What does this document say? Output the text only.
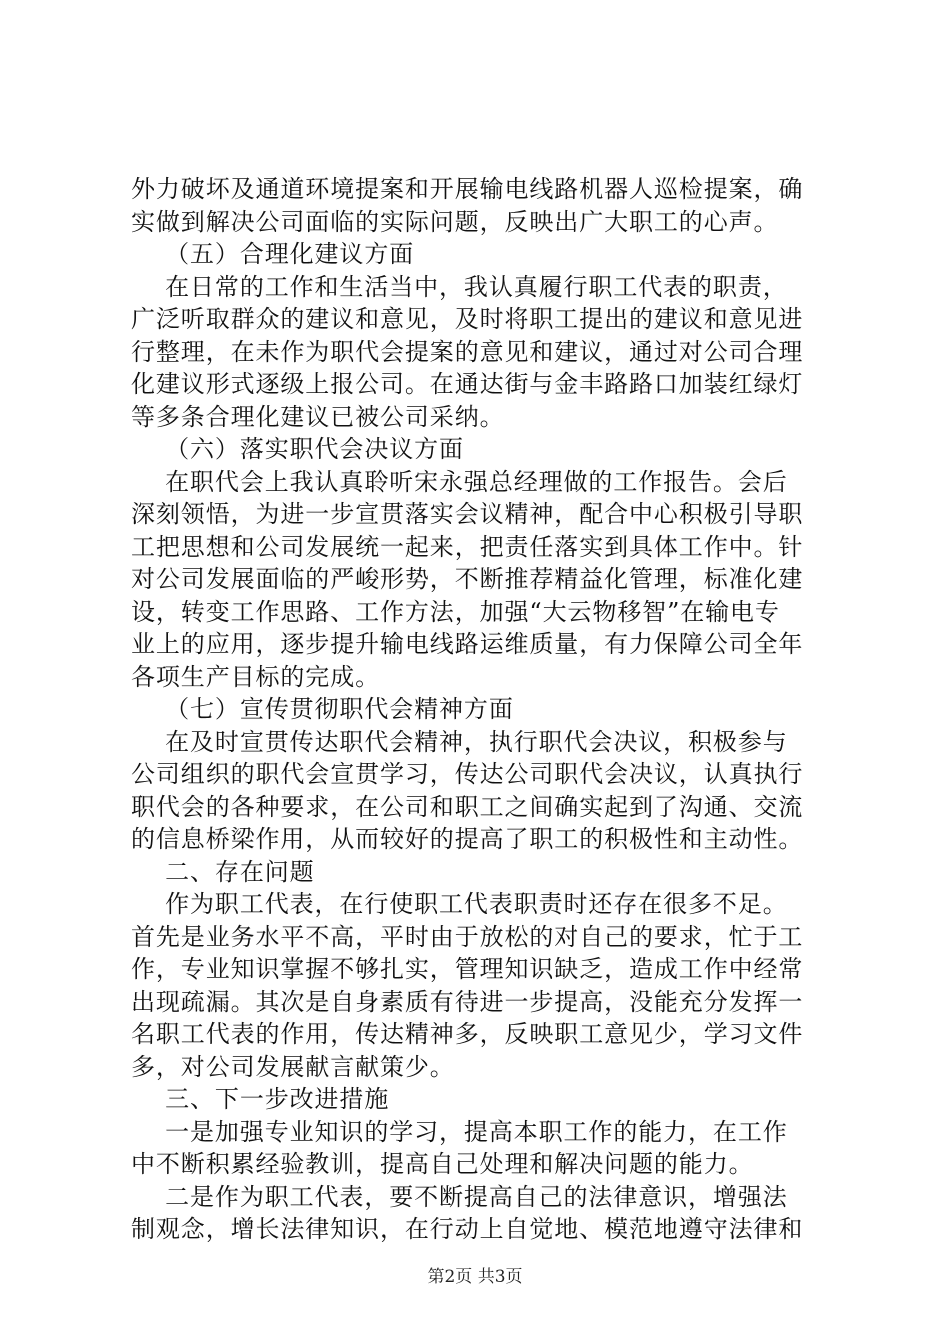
外力破坏及通道环境提案和开展输电线路机器人巡检提案，确
实做到解决公司面临的实际问题，反映出广大职工的心声。
（五）合理化建议方面
在日常的工作和生活当中，我认真履行职工代表的职责，
广泛听取群众的建议和意见，及时将职工提出的建议和意见进
行整理，在未作为职代会提案的意见和建议，通过对公司合理
化建议形式逐级上报公司。在通达街与金丰路路口加装红绿灯
等多条合理化建议已被公司采纳。
（六）落实职代会决议方面
在职代会上我认真聆听宋永强总经理做的工作报告。会后
深刻领悟，为进一步宣贯落实会议精神，配合中心积极引导职
工把思想和公司发展统一起来，把责任落实到具体工作中。针
对公司发展面临的严峻形势，不断推荐精益化管理，标准化建
设，转变工作思路、工作方法，加强“大云物移智”在输电专
业上的应用，逐步提升输电线路运维质量，有力保障公司全年
各项生产目标的完成。
（七）宣传贯彻职代会精神方面
在及时宣贯传达职代会精神，执行职代会决议，积极参与
公司组织的职代会宣贯学习，传达公司职代会决议，认真执行
职代会的各种要求，在公司和职工之间确实起到了沟通、交流
的信息桥梁作用，从而较好的提高了职工的积极性和主动性。
二、存在问题
作为职工代表，在行使职工代表职责时还存在很多不足。
首先是业务水平不高，平时由于放松的对自己的要求，忙于工
作，专业知识掌握不够扎实，管理知识缺乏，造成工作中经常
出现疏漏。其次是自身素质有待进一步提高，没能充分发挥一
名职工代表的作用，传达精神多，反映职工意见少，学习文件
多，对公司发展献言献策少。
三、下一步改进措施
一是加强专业知识的学习，提高本职工作的能力，在工作
中不断积累经验教训，提高自己处理和解决问题的能力。
二是作为职工代表，要不断提高自己的法律意识，增强法
制观念，增长法律知识，在行动上自觉地、模范地遵守法律和
第2页 共3页
